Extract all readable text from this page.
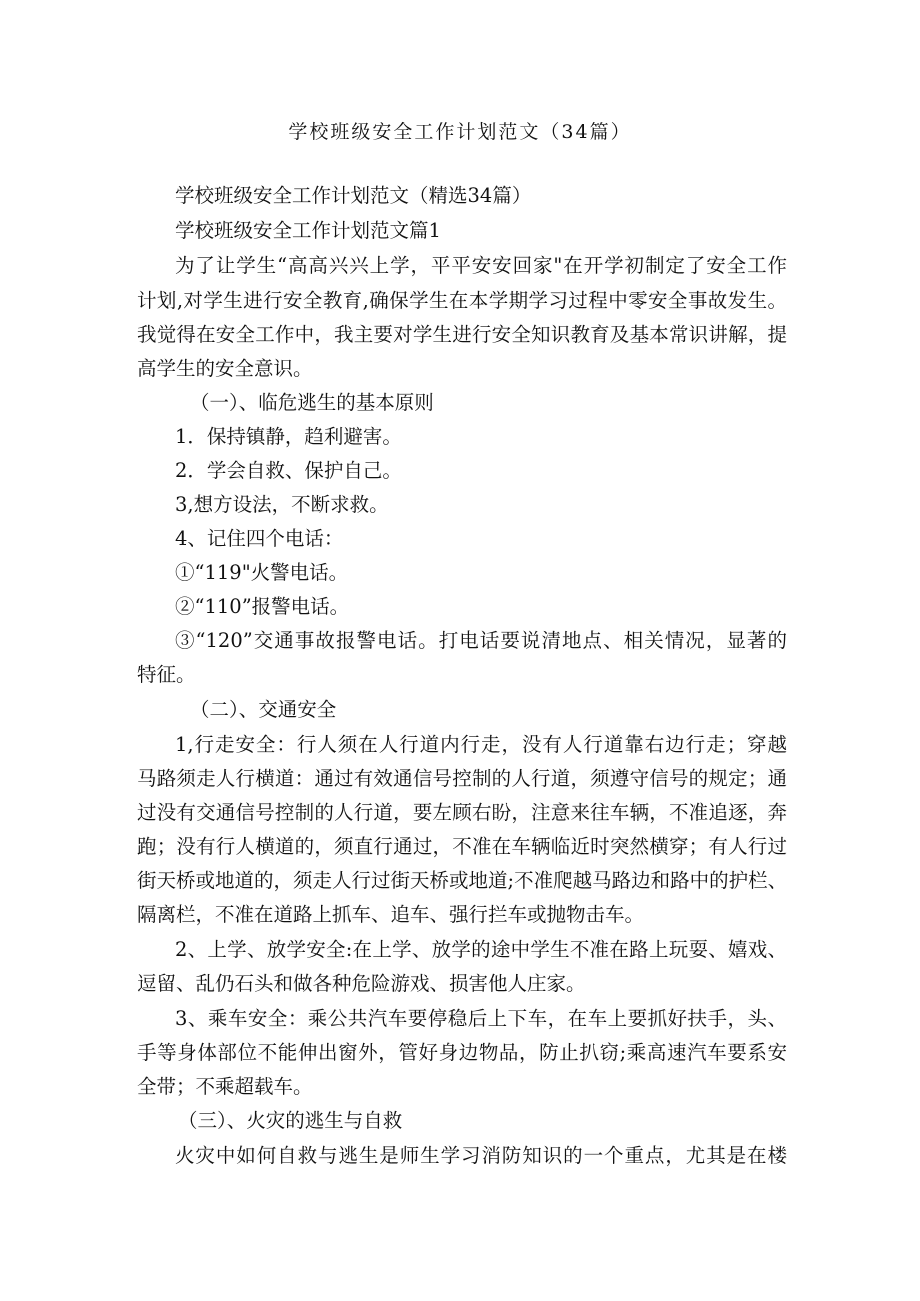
学校班级安全工作计划范文（34篇）
学校班级安全工作计划范文（精选34篇）
学校班级安全工作计划范文篇1
为了让学生“高高兴兴上学，平平安安回家"在开学初制定了安全工作
计划,对学生进行安全教育,确保学生在本学期学习过程中零安全事故发生。
我觉得在安全工作中，我主要对学生进行安全知识教育及基本常识讲解，提
高学生的安全意识。
（一）、临危逃生的基本原则
1．保持镇静，趋利避害。
2．学会自救、保护自己。
3,想方设法，不断求救。
4、记住四个电话：
①“119"火警电话。
②“110”报警电话。
③“120”交通事故报警电话。打电话要说清地点、相关情况，显著的
特征。
（二）、交通安全
1,行走安全：行人须在人行道内行走，没有人行道靠右边行走；穿越
马路须走人行横道：通过有效通信号控制的人行道，须遵守信号的规定；通
过没有交通信号控制的人行道，要左顾右盼，注意来往车辆，不准追逐，奔
跑；没有行人横道的，须直行通过，不准在车辆临近时突然横穿；有人行过
街天桥或地道的，须走人行过街天桥或地道;不准爬越马路边和路中的护栏、
隔离栏，不准在道路上抓车、追车、强行拦车或抛物击车。
2、上学、放学安全:在上学、放学的途中学生不准在路上玩耍、嬉戏、
逗留、乱仍石头和做各种危险游戏、损害他人庄家。
3、乘车安全：乘公共汽车要停稳后上下车，在车上要抓好扶手，头、
手等身体部位不能伸出窗外，管好身边物品，防止扒窃;乘高速汽车要系安
全带；不乘超载车。
（三）、火灾的逃生与自救
火灾中如何自救与逃生是师生学习消防知识的一个重点，尤其是在楼
